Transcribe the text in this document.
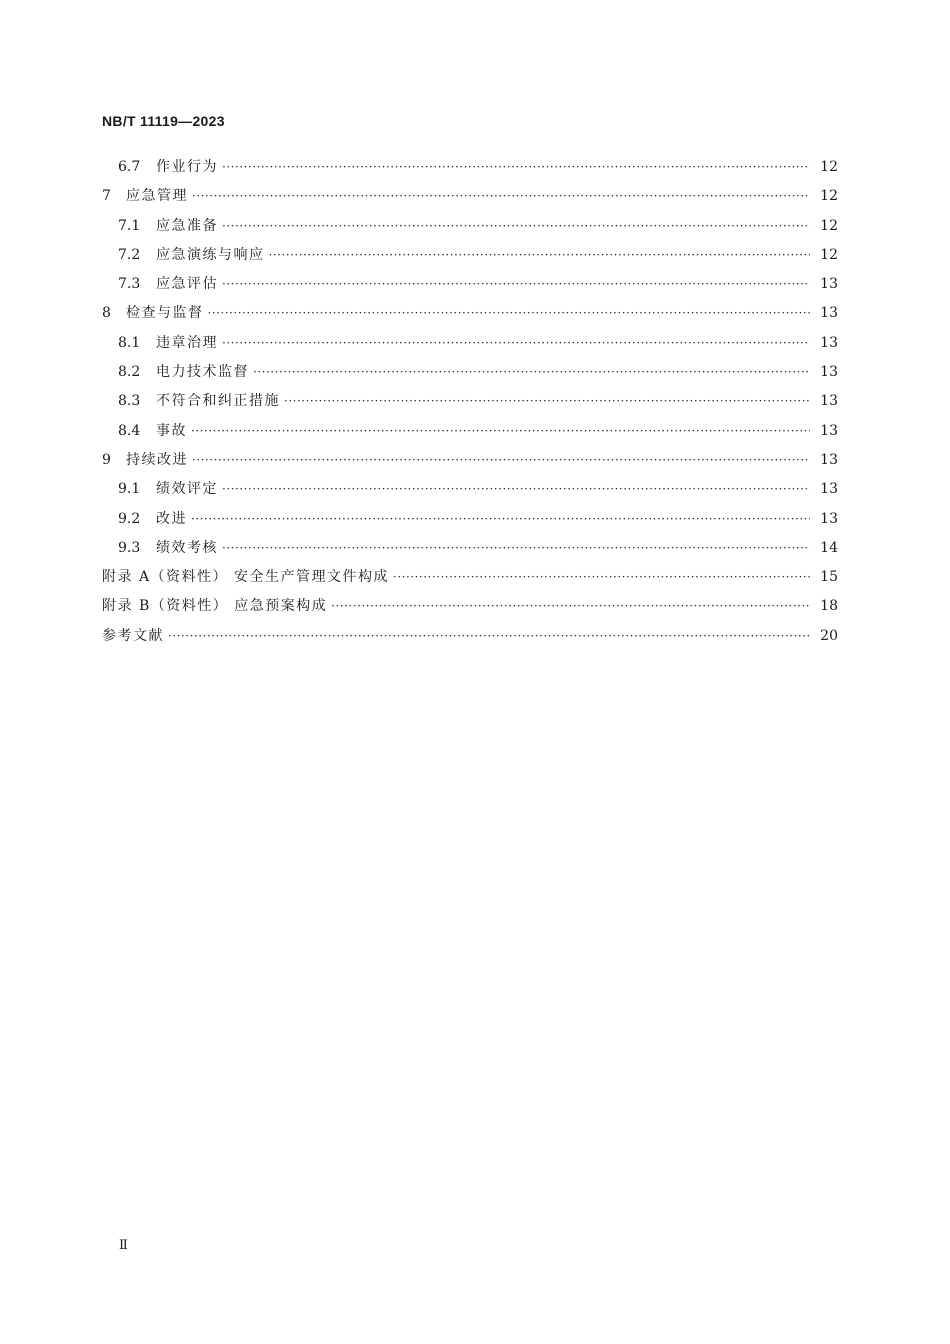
NB/T 11119—2023
6.7	作业行为 ·····	12
7	应急管理 ·····	12
7.1	应急准备 ·····	12
7.2	应急演练与响应 ·····	12
7.3	应急评估 ·····	13
8	检查与监督 ·····	13
8.1	违章治理 ·····	13
8.2	电力技术监督 ·····	13
8.3	不符合和纠正措施 ·····	13
8.4	事故 ·····	13
9	持续改进 ·····	13
9.1	绩效评定 ·····	13
9.2	改进 ·····	13
9.3	绩效考核 ·····	14
附录 A（资料性） 安全生产管理文件构成 ·····	15
附录 B（资料性） 应急预案构成 ·····	18
参考文献 ·····	20
Ⅱ
